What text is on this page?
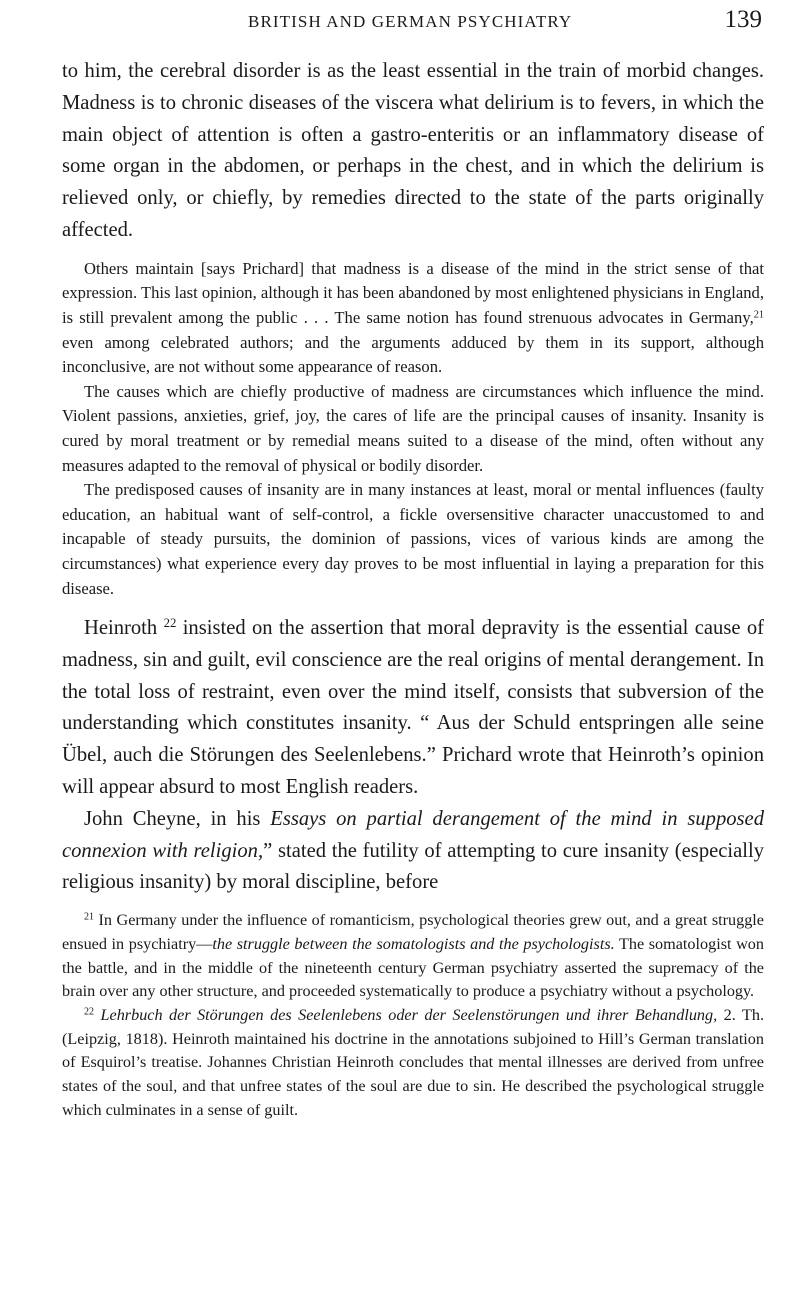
BRITISH AND GERMAN PSYCHIATRY	139

to him, the cerebral disorder is as the least essential in the train of morbid changes. Madness is to chronic diseases of the viscera what delirium is to fevers, in which the main object of attention is often a gastro-enteritis or an inflammatory disease of some organ in the abdomen, or perhaps in the chest, and in which the delirium is relieved only, or chiefly, by remedies directed to the state of the parts originally affected.

Others maintain [says Prichard] that madness is a disease of the mind in the strict sense of that expression. This last opinion, although it has been abandoned by most enlightened physicians in England, is still prevalent among the public . . . The same notion has found strenuous advocates in Germany,$^{21}$ even among celebrated authors; and the arguments adduced by them in its support, although inconclusive, are not without some appearance of reason.

The causes which are chiefly productive of madness are circumstances which influence the mind. Violent passions, anxieties, grief, joy, the cares of life are the principal causes of insanity. Insanity is cured by moral treatment or by remedial means suited to a disease of the mind, often without any measures adapted to the removal of physical or bodily disorder.

The predisposed causes of insanity are in many instances at least, moral or mental influences (faulty education, an habitual want of self-control, a fickle oversensitive character unaccustomed to and incapable of steady pursuits, the dominion of passions, vices of various kinds are among the circumstances) what experience every day proves to be most influential in laying a preparation for this disease.

Heinroth $^{22}$ insisted on the assertion that moral depravity is the essential cause of madness, sin and guilt, evil conscience are the real origins of mental derangement. In the total loss of restraint, even over the mind itself, consists that subversion of the understanding which constitutes insanity. “ Aus der Schuld entspringen alle seine Übel, auch die Störungen des Seelenlebens.” Prichard wrote that Heinroth’s opinion will appear absurd to most English readers.

John Cheyne, in his Essays on partial derangement of the mind in supposed connexion with religion,” stated the futility of attempting to cure insanity (especially religious insanity) by moral discipline, before

$^{21}$ In Germany under the influence of romanticism, psychological theories grew out, and a great struggle ensued in psychiatry—the struggle between the somatologists and the psychologists. The somatologist won the battle, and in the middle of the nineteenth century German psychiatry asserted the supremacy of the brain over any other structure, and proceeded systematically to produce a psychiatry without a psychology.

$^{22}$ Lehrbuch der Störungen des Seelenlebens oder der Seelenstörungen und ihrer Behandlung, 2. Th. (Leipzig, 1818). Heinroth maintained his doctrine in the annotations subjoined to Hill’s German translation of Esquirol’s treatise. Johannes Christian Heinroth concludes that mental illnesses are derived from unfree states of the soul, and that unfree states of the soul are due to sin. He described the psychological struggle which culminates in a sense of guilt.
